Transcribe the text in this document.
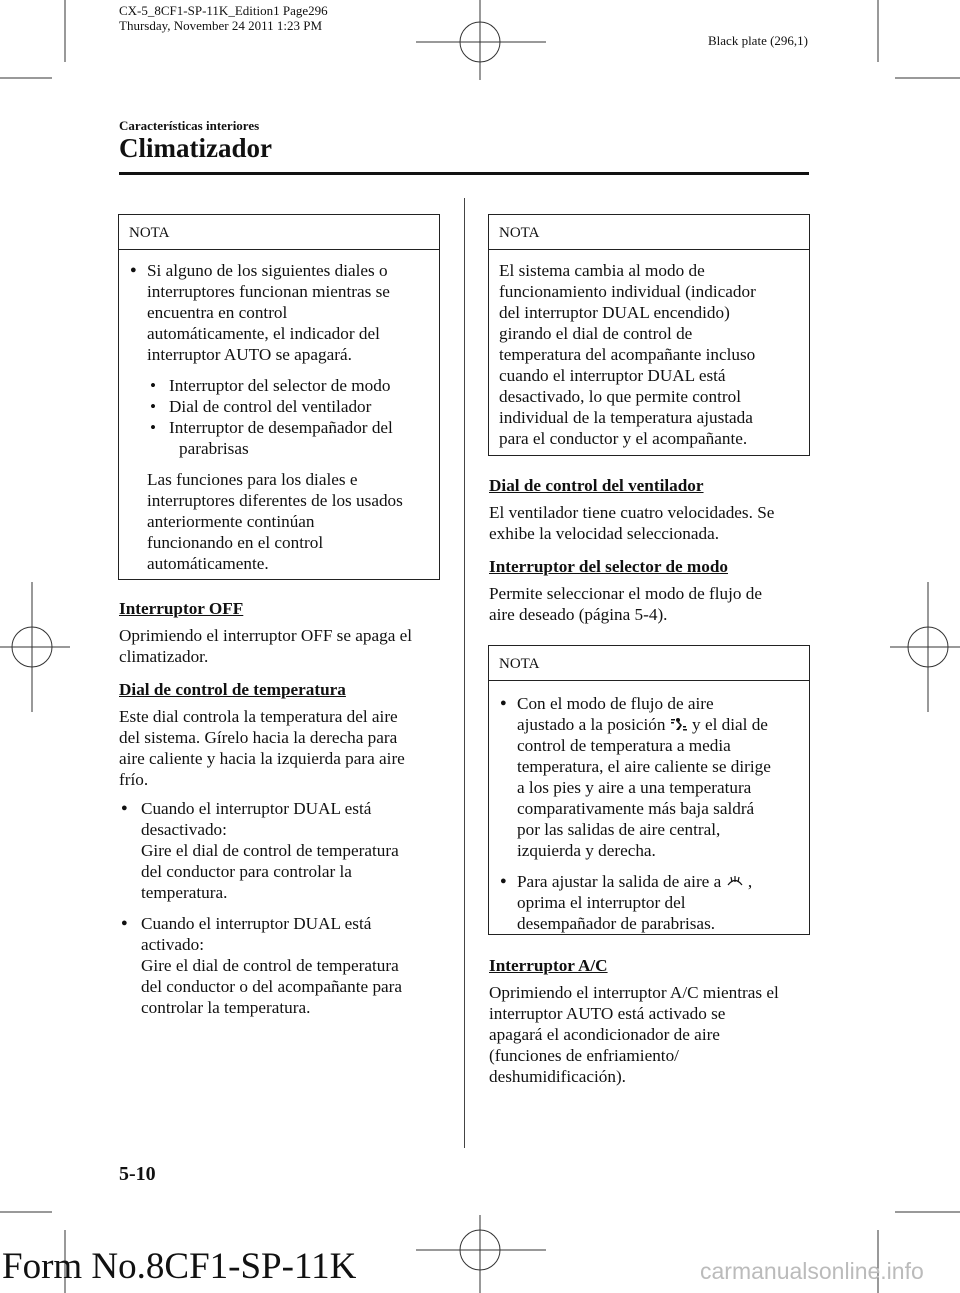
CX-5_8CF1-SP-11K_Edition1 Page296
Thursday, November 24 2011 1:23 PM
Black plate (296,1)
Características interiores
Climatizador
NOTA
● Si alguno de los siguientes diales o
interruptores funcionan mientras se
encuentra en control
automáticamente, el indicador del
interruptor AUTO se apagará.
• Interruptor del selector de modo
• Dial de control del ventilador
• Interruptor de desempañador del
parabrisas
Las funciones para los diales e
interruptores diferentes de los usados
anteriormente continúan
funcionando en el control
automáticamente.
Interruptor OFF

Oprimiendo el interruptor OFF se apaga el

climatizador.

Dial de control de temperatura

Este dial controla la temperatura del aire

del sistema. Gírelo hacia la derecha para

aire caliente y hacia la izquierda para aire

frío.

● Cuando el interruptor DUAL está
desactivado:
Gire el dial de control de temperatura
del conductor para controlar la
temperatura.
● Cuando el interruptor DUAL está
activado:
Gire el dial de control de temperatura
del conductor o del acompañante para
controlar la temperatura.
NOTA
El sistema cambia al modo de
funcionamiento individual (indicador
del interruptor DUAL encendido)
girando el dial de control de
temperatura del acompañante incluso
cuando el interruptor DUAL está
desactivado, lo que permite control
individual de la temperatura ajustada
para el conductor y el acompañante.
Dial de control del ventilador

El ventilador tiene cuatro velocidades. Se

exhibe la velocidad seleccionada.

Interruptor del selector de modo

Permite seleccionar el modo de flujo de

aire deseado (página 5-4).

NOTA
● Con el modo de flujo de aire
ajustado a la posición y el dial de
control de temperatura a media
temperatura, el aire caliente se dirige
a los pies y aire a una temperatura
comparativamente más baja saldrá
por las salidas de aire central,
izquierda y derecha.
● Para ajustar la salida de aire a ,
oprima el interruptor del
desempañador de parabrisas.
Interruptor A/C

Oprimiendo el interruptor A/C mientras el

interruptor AUTO está activado se

apagará el acondicionador de aire

(funciones de enfriamiento/

deshumidificación).

5-10
Form No.8CF1-SP-11K	carmanualsonline.info
